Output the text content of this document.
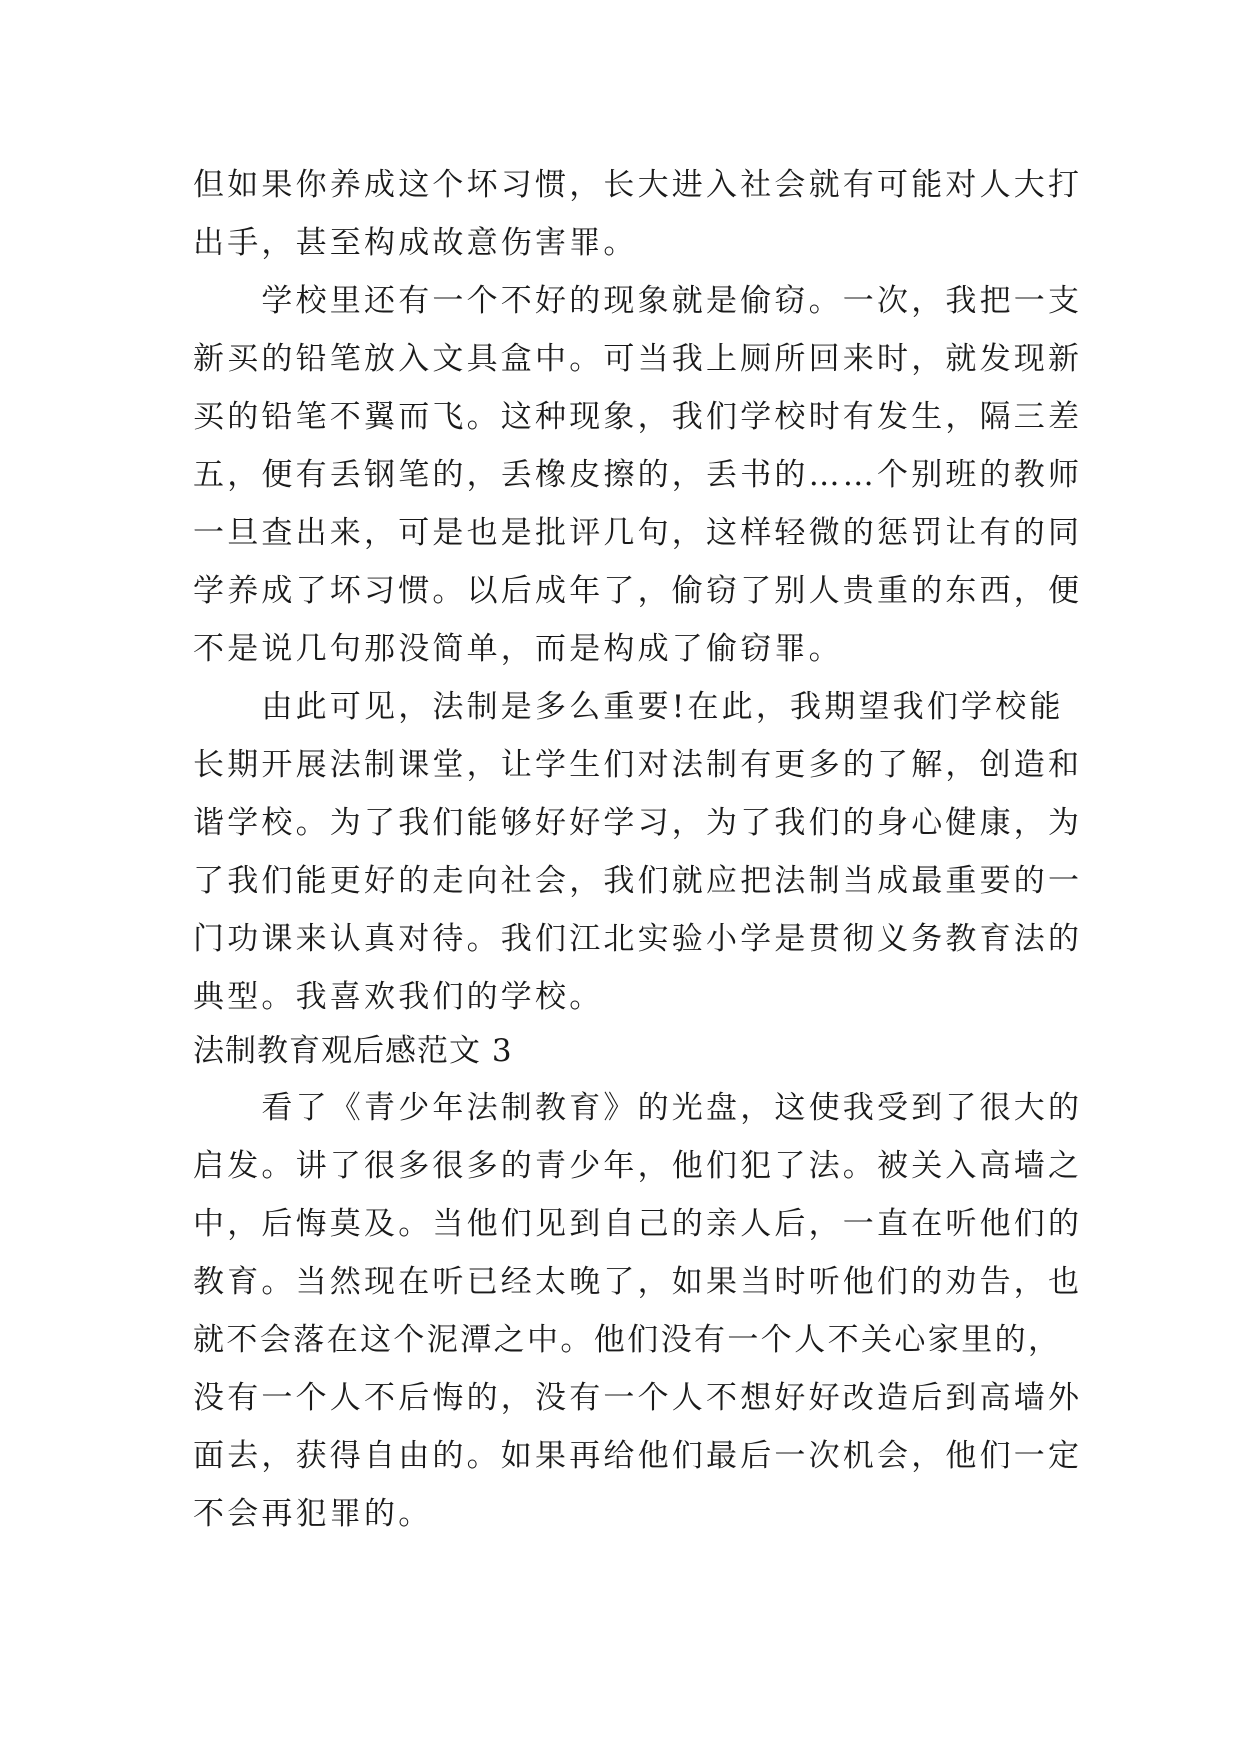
但如果你养成这个坏习惯，长大进入社会就有可能对人大打
出手，甚至构成故意伤害罪。
　　学校里还有一个不好的现象就是偷窃。一次，我把一支
新买的铅笔放入文具盒中。可当我上厕所回来时，就发现新
买的铅笔不翼而飞。这种现象，我们学校时有发生，隔三差
五，便有丢钢笔的，丢橡皮擦的，丢书的……个别班的教师
一旦查出来，可是也是批评几句，这样轻微的惩罚让有的同
学养成了坏习惯。以后成年了，偷窃了别人贵重的东西，便
不是说几句那没简单，而是构成了偷窃罪。
　　由此可见，法制是多么重要!在此，我期望我们学校能
长期开展法制课堂，让学生们对法制有更多的了解，创造和
谐学校。为了我们能够好好学习，为了我们的身心健康，为
了我们能更好的走向社会，我们就应把法制当成最重要的一
门功课来认真对待。我们江北实验小学是贯彻义务教育法的
典型。我喜欢我们的学校。
法制教育观后感范文 3
　　看了《青少年法制教育》的光盘，这使我受到了很大的
启发。讲了很多很多的青少年，他们犯了法。被关入高墙之
中，后悔莫及。当他们见到自己的亲人后，一直在听他们的
教育。当然现在听已经太晚了，如果当时听他们的劝告，也
就不会落在这个泥潭之中。他们没有一个人不关心家里的，
没有一个人不后悔的，没有一个人不想好好改造后到高墙外
面去，获得自由的。如果再给他们最后一次机会，他们一定
不会再犯罪的。
